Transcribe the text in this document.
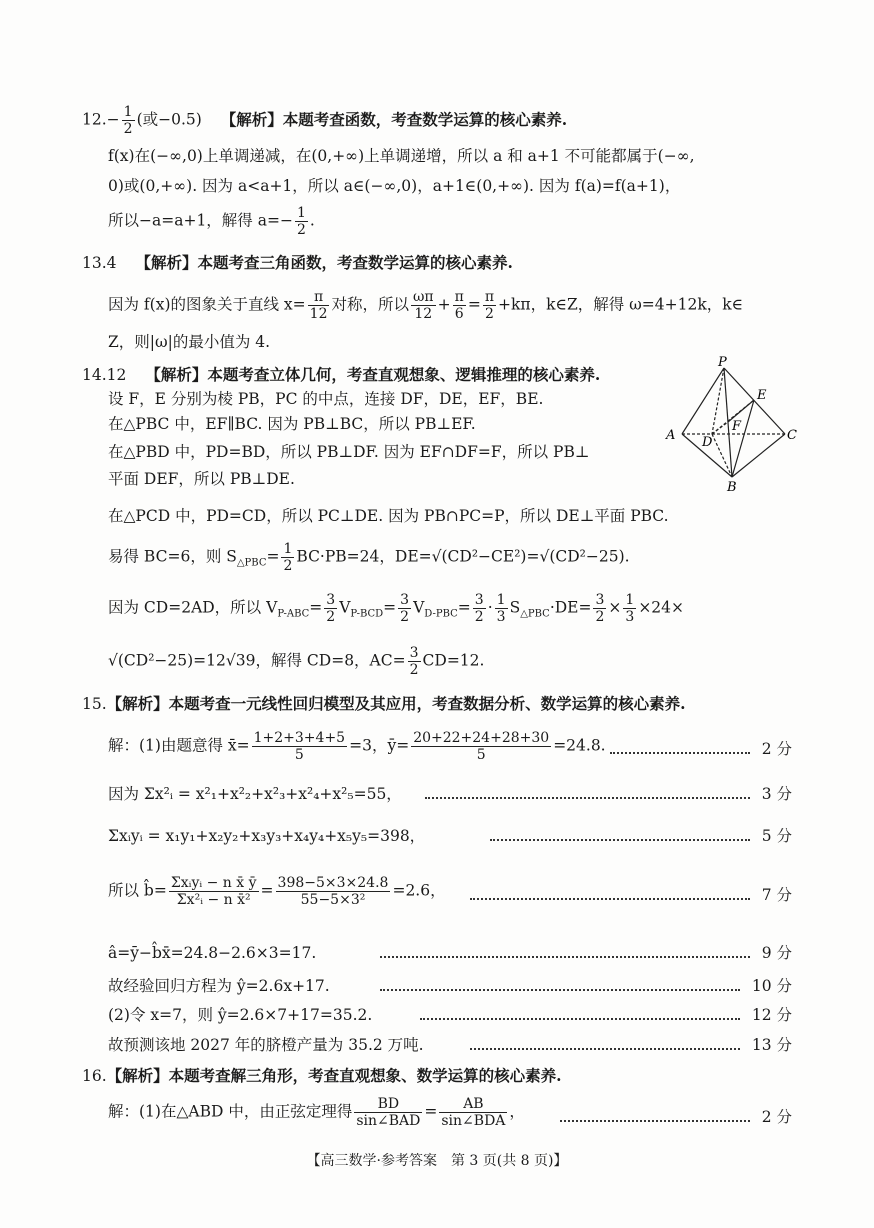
$12.- \frac{1}{2}$ (或−0.5) 【解析】本题考查函数，考查数学运算的核心素养.
f(x)在(−∞,0)上单调递减，在(0,+∞)上单调递增，所以 a 和 a+1 不可能都属于(−∞,
0)或(0,+∞). 因为 a<a+1，所以 a∈(−∞,0)，a+1∈(0,+∞). 因为 f(a)=f(a+1)，
所以−a=a+1，解得 $a=- \frac{1}{2}$ .
13.4 【解析】本题考查三角函数，考查数学运算的核心素养.
因为 f(x)的图象关于直线 $x= \frac{\pi}{12}$ 对称，所以 $\frac{\omega\pi}{12} + \frac{\pi}{6} = \frac{\pi}{2} +k\pi$，k∈Z，解得 ω=4+12k，k∈
Z，则|ω|的最小值为 4.
14.12 【解析】本题考查立体几何，考查直观想象、逻辑推理的核心素养.
设 F，E 分别为棱 PB，PC 的中点，连接 DF，DE，EF，BE.
在△PBC 中，EF∥BC. 因为 PB⊥BC，所以 PB⊥EF.
在△PBD 中，PD=BD，所以 PB⊥DF. 因为 EF∩DF=F，所以 PB⊥
平面 DEF，所以 PB⊥DE.
在△PCD 中，PD=CD，所以 PC⊥DE. 因为 PB∩PC=P，所以 DE⊥平面 PBC.
易得 BC=6，则 $S_{\triangle PBC}= \frac{1}{2} BC\cdot PB=24$，DE=√(CD²−CE²)=√(CD²−25).
因为 CD=2AD，所以 $V_{P-ABC}= \frac{3}{2} V_{P-BCD}= \frac{3}{2} V_{D-PBC}= \frac{3}{2} \cdot \frac{1}{3} S_{\triangle PBC}\cdot DE= \frac{3}{2} \times \frac{1}{3} \times 24\times$
√(CD²−25)=12√39，解得 CD=8，$AC= \frac{3}{2} CD=12$.
P
E
A D
F
C
B
15.【解析】本题考查一元线性回归模型及其应用，考查数据分析、数学运算的核心素养.
解：(1)由题意得 x̄= $\frac{1+2+3+4+5}{5} =3$，ȳ= $\frac{20+22+24+28+30}{5} =24.8$.	2 分
因为 Σx²ᵢ = x²₁+x²₂+x²₃+x²₄+x²₅=55，	3 分
Σxᵢyᵢ = x₁y₁+x₂y₂+x₃y₃+x₄y₄+x₅y₅=398，	5 分
所以 b̂= $\frac{\text{Σxᵢyᵢ − n x̄ ȳ}}{\text{Σx²ᵢ − n x̄²}} = \frac{398-5\times 3\times 24.8}{\text{55−5×3²}} =2.6$，	7 分
â=ȳ−b̂x̄=24.8−2.6×3=17.	9 分
故经验回归方程为 ŷ=2.6x+17.	10 分
(2)令 x=7，则 ŷ=2.6×7+17=35.2.	12 分
故预测该地 2027 年的脐橙产量为 35.2 万吨.	13 分
16.【解析】本题考查解三角形，考查直观想象、数学运算的核心素养.
解：(1)在△ABD 中，由正弦定理得 $\frac{BD}{\text{sin∠BAD}} = \frac{AB}{\text{sin∠BDA}}$ ，	2 分
【高三数学·参考答案　第 3 页(共 8 页)】
